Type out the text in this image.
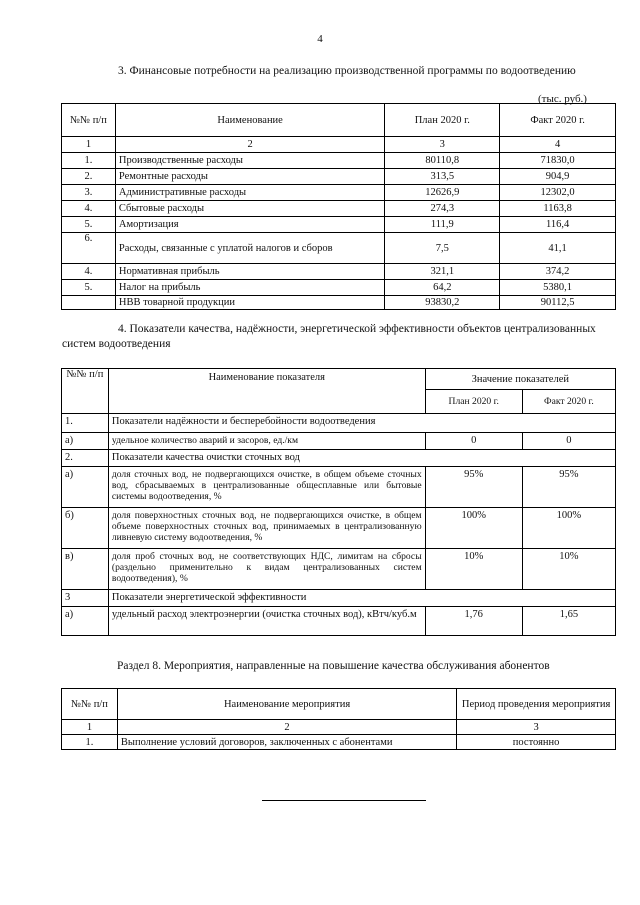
4
3. Финансовые потребности на реализацию производственной программы по водоотведению
(тыс. руб.)
№№ п/п	Наименование	План 2020 г.	Факт 2020 г.
1	2	3	4
1.	Производственные расходы	80110,8	71830,0
2.	Ремонтные расходы	313,5	904,9
3.	Административные расходы	12626,9	12302,0
4.	Сбытовые расходы	274,3	1163,8
5.	Амортизация	111,9	116,4
6.	Расходы, связанные с уплатой налогов и сборов	7,5	41,1
4.	Нормативная прибыль	321,1	374,2
5.	Налог на прибыль	64,2	5380,1
	НВВ товарной продукции	93830,2	90112,5
4. Показатели качества, надёжности, энергетической эффективности объектов централизованных систем водоотведения
№№ п/п	Наименование показателя	Значение показателей	
		План 2020 г.	Факт 2020 г.
1.	Показатели надёжности и бесперебойности водоотведения		
а)	удельное количество аварий и засоров, ед./км	0	0
2.	Показатели качества очистки сточных вод		
а)	доля сточных вод, не подвергающихся очистке, в общем объеме сточных вод, сбрасываемых в централизованные общесплавные или бытовые системы водоотведения, %	95%	95%
б)	доля поверхностных сточных вод, не подвергающихся очистке, в общем объеме поверхностных сточных вод, принимаемых в централизованную ливневую систему водоотведения, %	100%	100%
в)	доля проб сточных вод, не соответствующих НДС, лимитам на сбросы (раздельно применительно к видам централизованных систем водоотведения), %	10%	10%
3	Показатели энергетической эффективности		
а)	удельный расход электроэнергии (очистка сточных вод), кВтч/куб.м	1,76	1,65
Раздел 8. Мероприятия, направленные на повышение качества обслуживания абонентов
№№ п/п	Наименование мероприятия	Период проведения мероприятия
1	2	3
1.	Выполнение условий договоров, заключенных с абонентами	постоянно
